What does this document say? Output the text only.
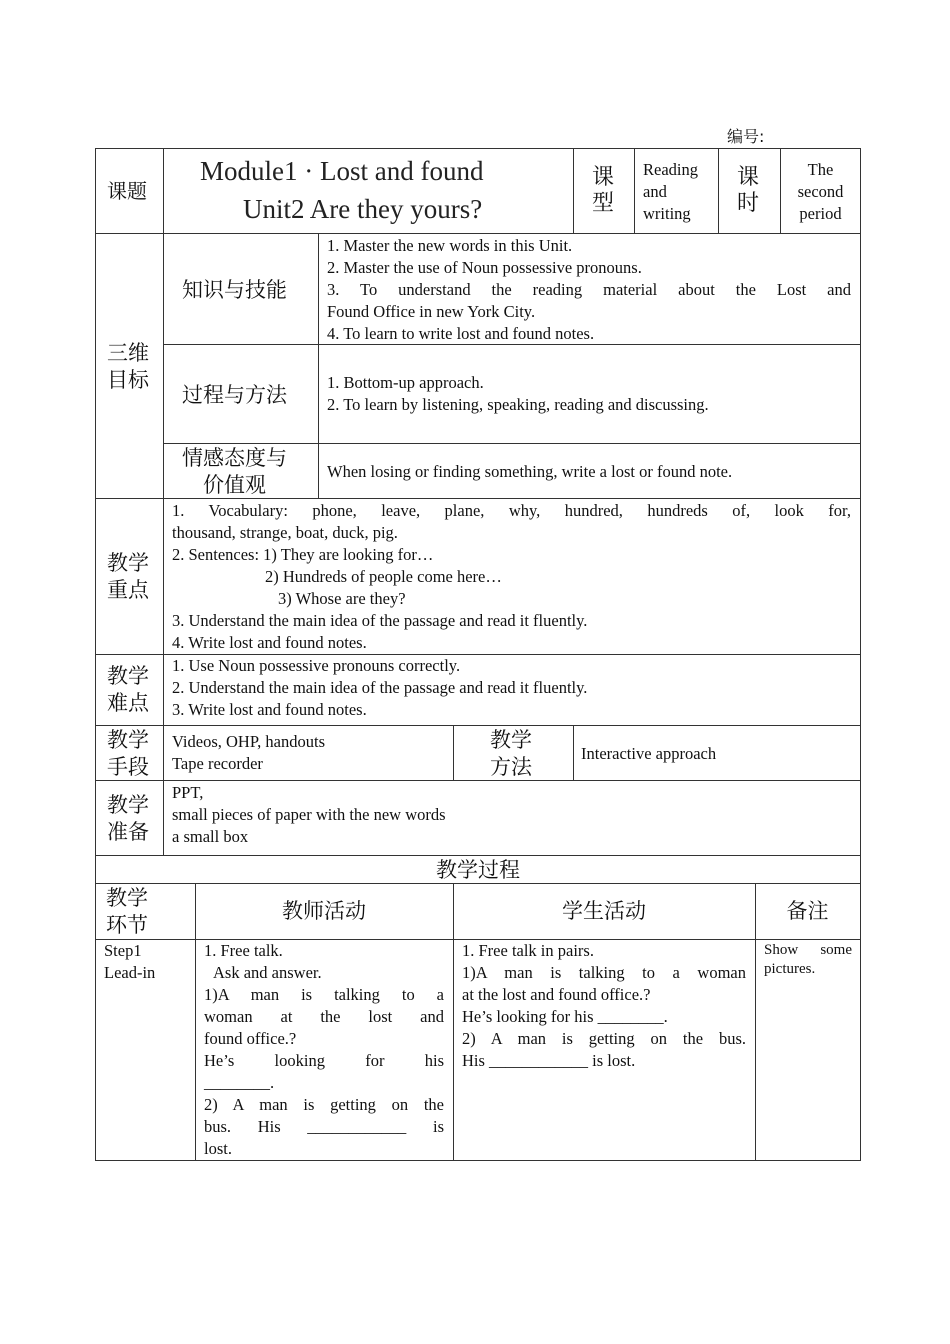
编号:
课题
Module1 · Lost and found
Unit2 Are they yours?
课
型
Reading
and
writing
课
时
The
second
period
三维
目标
知识与技能
1. Master the new words in this Unit.
2. Master the use of Noun possessive pronouns.
3. To understand the reading material about the Lost and
Found Office in new York City.
4. To learn to write lost and found notes.
过程与方法
1. Bottom-up approach.
2. To learn by listening, speaking, reading and discussing.
情感态度与
价值观
When losing or finding something, write a lost or found note.
教学
重点
1. Vocabulary: phone, leave, plane, why, hundred, hundreds of, look for,
thousand, strange, boat, duck, pig.
2. Sentences: 1) They are looking for…
2) Hundreds of people come here…
3) Whose are they?
3. Understand the main idea of the passage and read it fluently.
4. Write lost and found notes.
教学
难点
1. Use Noun possessive pronouns correctly.
2. Understand the main idea of the passage and read it fluently.
3. Write lost and found notes.
教学
手段
Videos, OHP, handouts
Tape recorder
教学
方法
Interactive approach
教学
准备
PPT,
small pieces of paper with the new words
a small box
教学过程
教学
环节
教师活动	学生活动	备注
Step1
Lead-in
1. Free talk.
Ask and answer.
1)A man is talking to a
woman at the lost and
found office.?
He’s looking for his
________.
2) A man is getting on the
bus. His ____________ is
lost.
1. Free talk in pairs.
1)A man is talking to a woman
at the lost and found office.?
He’s looking for his ________.
2) A man is getting on the bus.
His ____________ is lost.
Show some
pictures.
